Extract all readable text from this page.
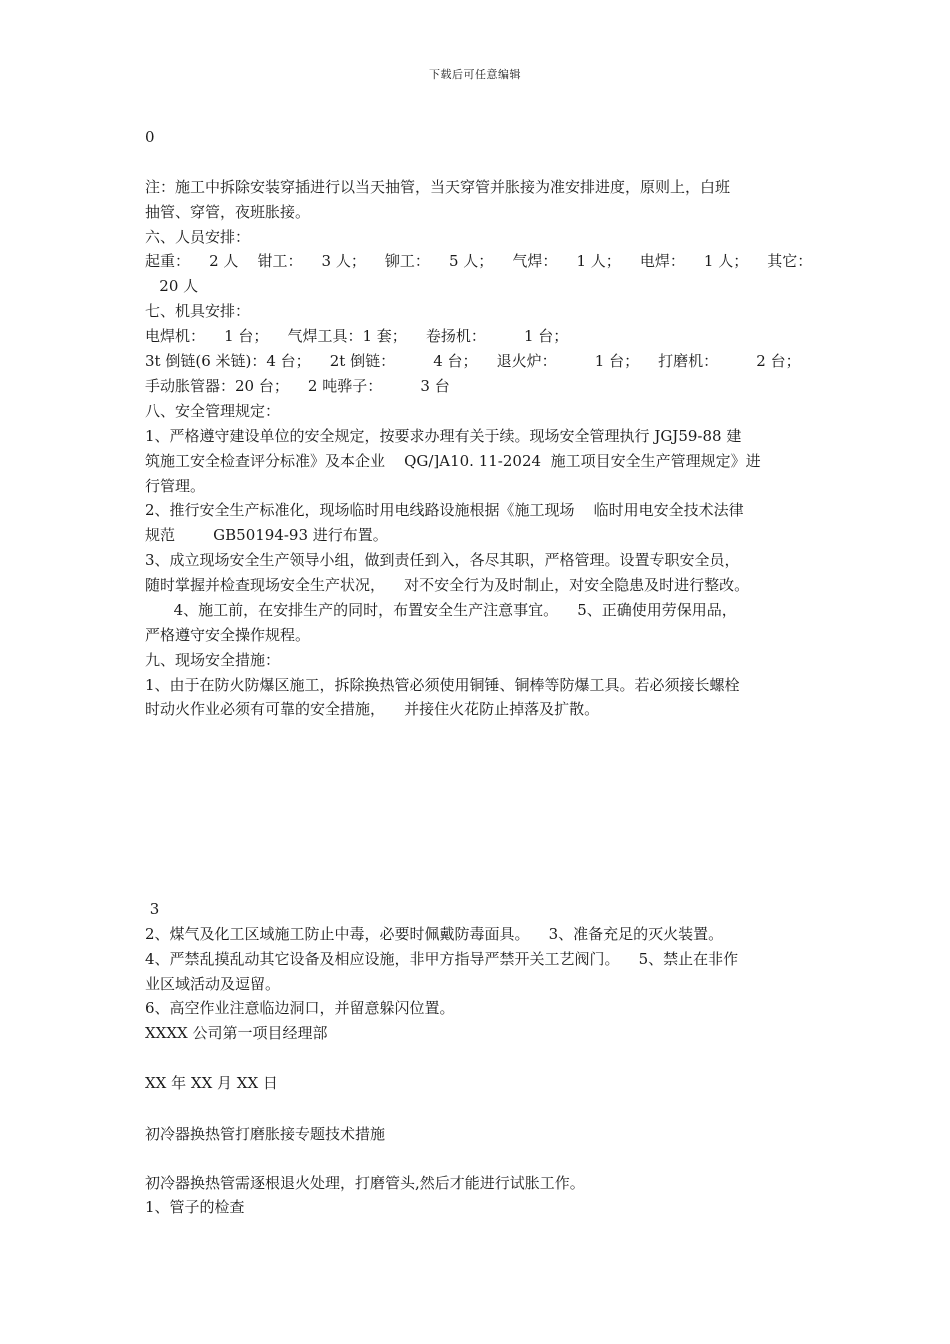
下载后可任意编辑
0
注：施工中拆除安装穿插进行以当天抽管，当天穿管并胀接为准安排进度，原则上，白班
抽管、穿管，夜班胀接。
六、人员安排：
起重：    2 人    钳工：    3 人；    铆工：    5 人；    气焊：    1 人；    电焊：    1 人；    其它：
20 人
七、机具安排：
电焊机：    1 台；    气焊工具：1 套；    卷扬机：        1 台；
3t 倒链(6 米链)：4 台；    2t 倒链：        4 台；    退火炉：        1 台；    打磨机：        2 台；
手动胀管器：20 台；    2 吨骅子：        3 台
八、安全管理规定：
1、严格遵守建设单位的安全规定，按要求办理有关于续。现场安全管理执行 JGJ59-88 建
筑施工安全检查评分标准》及本企业    QG/]A10. 11-2024  施工项目安全生产管理规定》进
行管理。
2、推行安全生产标准化，现场临时用电线路设施根据《施工现场    临时用电安全技术法律
规范        GB50194-93 进行布置。
3、成立现场安全生产领导小组，做到责任到入，各尽其职，严格管理。设置专职安全员，
随时掌握并检查现场安全生产状况，    对不安全行为及时制止，对安全隐患及时进行整改。
4、施工前，在安排生产的同时，布置安全生产注意事宜。    5、正确使用劳保用品，
严格遵守安全操作规程。
九、现场安全措施：
1、由于在防火防爆区施工，拆除换热管必须使用铜锤、铜棒等防爆工具。若必须接长螺栓
时动火作业必须有可靠的安全措施，    并接住火花防止掉落及扩散。
3
2、煤气及化工区域施工防止中毒，必要时佩戴防毒面具。    3、准备充足的灭火装置。
4、严禁乱摸乱动其它设备及相应设施，非甲方指导严禁开关工艺阀门。    5、禁止在非作
业区域活动及逗留。
6、高空作业注意临边洞口，并留意躲闪位置。
XXXX 公司第一项目经理部
XX 年 XX 月 XX 日
初冷器换热管打磨胀接专题技术措施
初冷器换热管需逐根退火处理，打磨管头,然后才能进行试胀工作。
1、管子的检查
